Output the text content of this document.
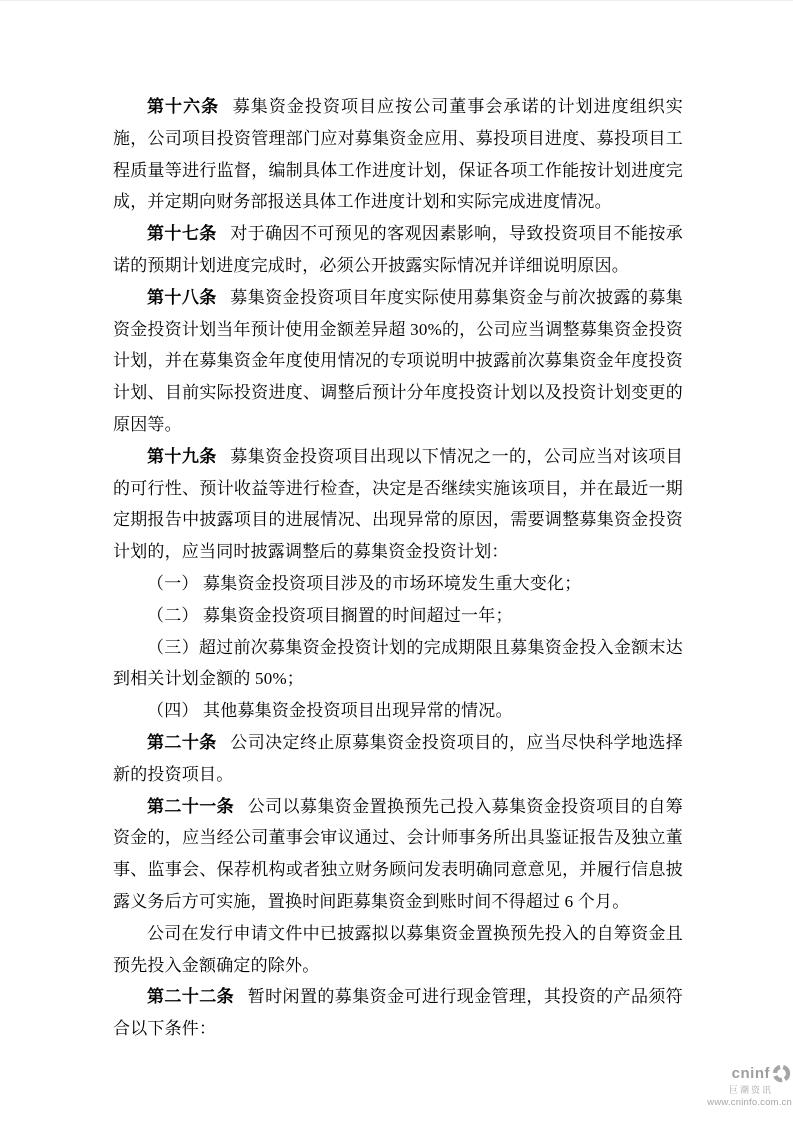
第十六条 募集资金投资项目应按公司董事会承诺的计划进度组织实施，公司项目投资管理部门应对募集资金应用、募投项目进度、募投项目工程质量等进行监督，编制具体工作进度计划，保证各项工作能按计划进度完成，并定期向财务部报送具体工作进度计划和实际完成进度情况。

第十七条 对于确因不可预见的客观因素影响，导致投资项目不能按承诺的预期计划进度完成时，必须公开披露实际情况并详细说明原因。

第十八条 募集资金投资项目年度实际使用募集资金与前次披露的募集资金投资计划当年预计使用金额差异超 30%的，公司应当调整募集资金投资计划，并在募集资金年度使用情况的专项说明中披露前次募集资金年度投资计划、目前实际投资进度、调整后预计分年度投资计划以及投资计划变更的原因等。

第十九条 募集资金投资项目出现以下情况之一的，公司应当对该项目的可行性、预计收益等进行检查，决定是否继续实施该项目，并在最近一期定期报告中披露项目的进展情况、出现异常的原因，需要调整募集资金投资计划的，应当同时披露调整后的募集资金投资计划：

（一） 募集资金投资项目涉及的市场环境发生重大变化；

（二） 募集资金投资项目搁置的时间超过一年；

（三）超过前次募集资金投资计划的完成期限且募集资金投入金额末达到相关计划金额的 50%；

（四） 其他募集资金投资项目出现异常的情况。

第二十条 公司决定终止原募集资金投资项目的，应当尽快科学地选择新的投资项目。

第二十一条 公司以募集资金置换预先己投入募集资金投资项目的自筹资金的，应当经公司董事会审议通过、会计师事务所出具鉴证报告及独立董事、监事会、保荐机构或者独立财务顾问发表明确同意意见，并履行信息披露义务后方可实施，置换时间距募集资金到账时间不得超过 6 个月。

公司在发行申请文件中已披露拟以募集资金置换预先投入的自筹资金且预先投入金额确定的除外。

第二十二条 暂时闲置的募集资金可进行现金管理，其投资的产品须符合以下条件：

cninf
巨潮资讯
www.cninfo.com.cn
